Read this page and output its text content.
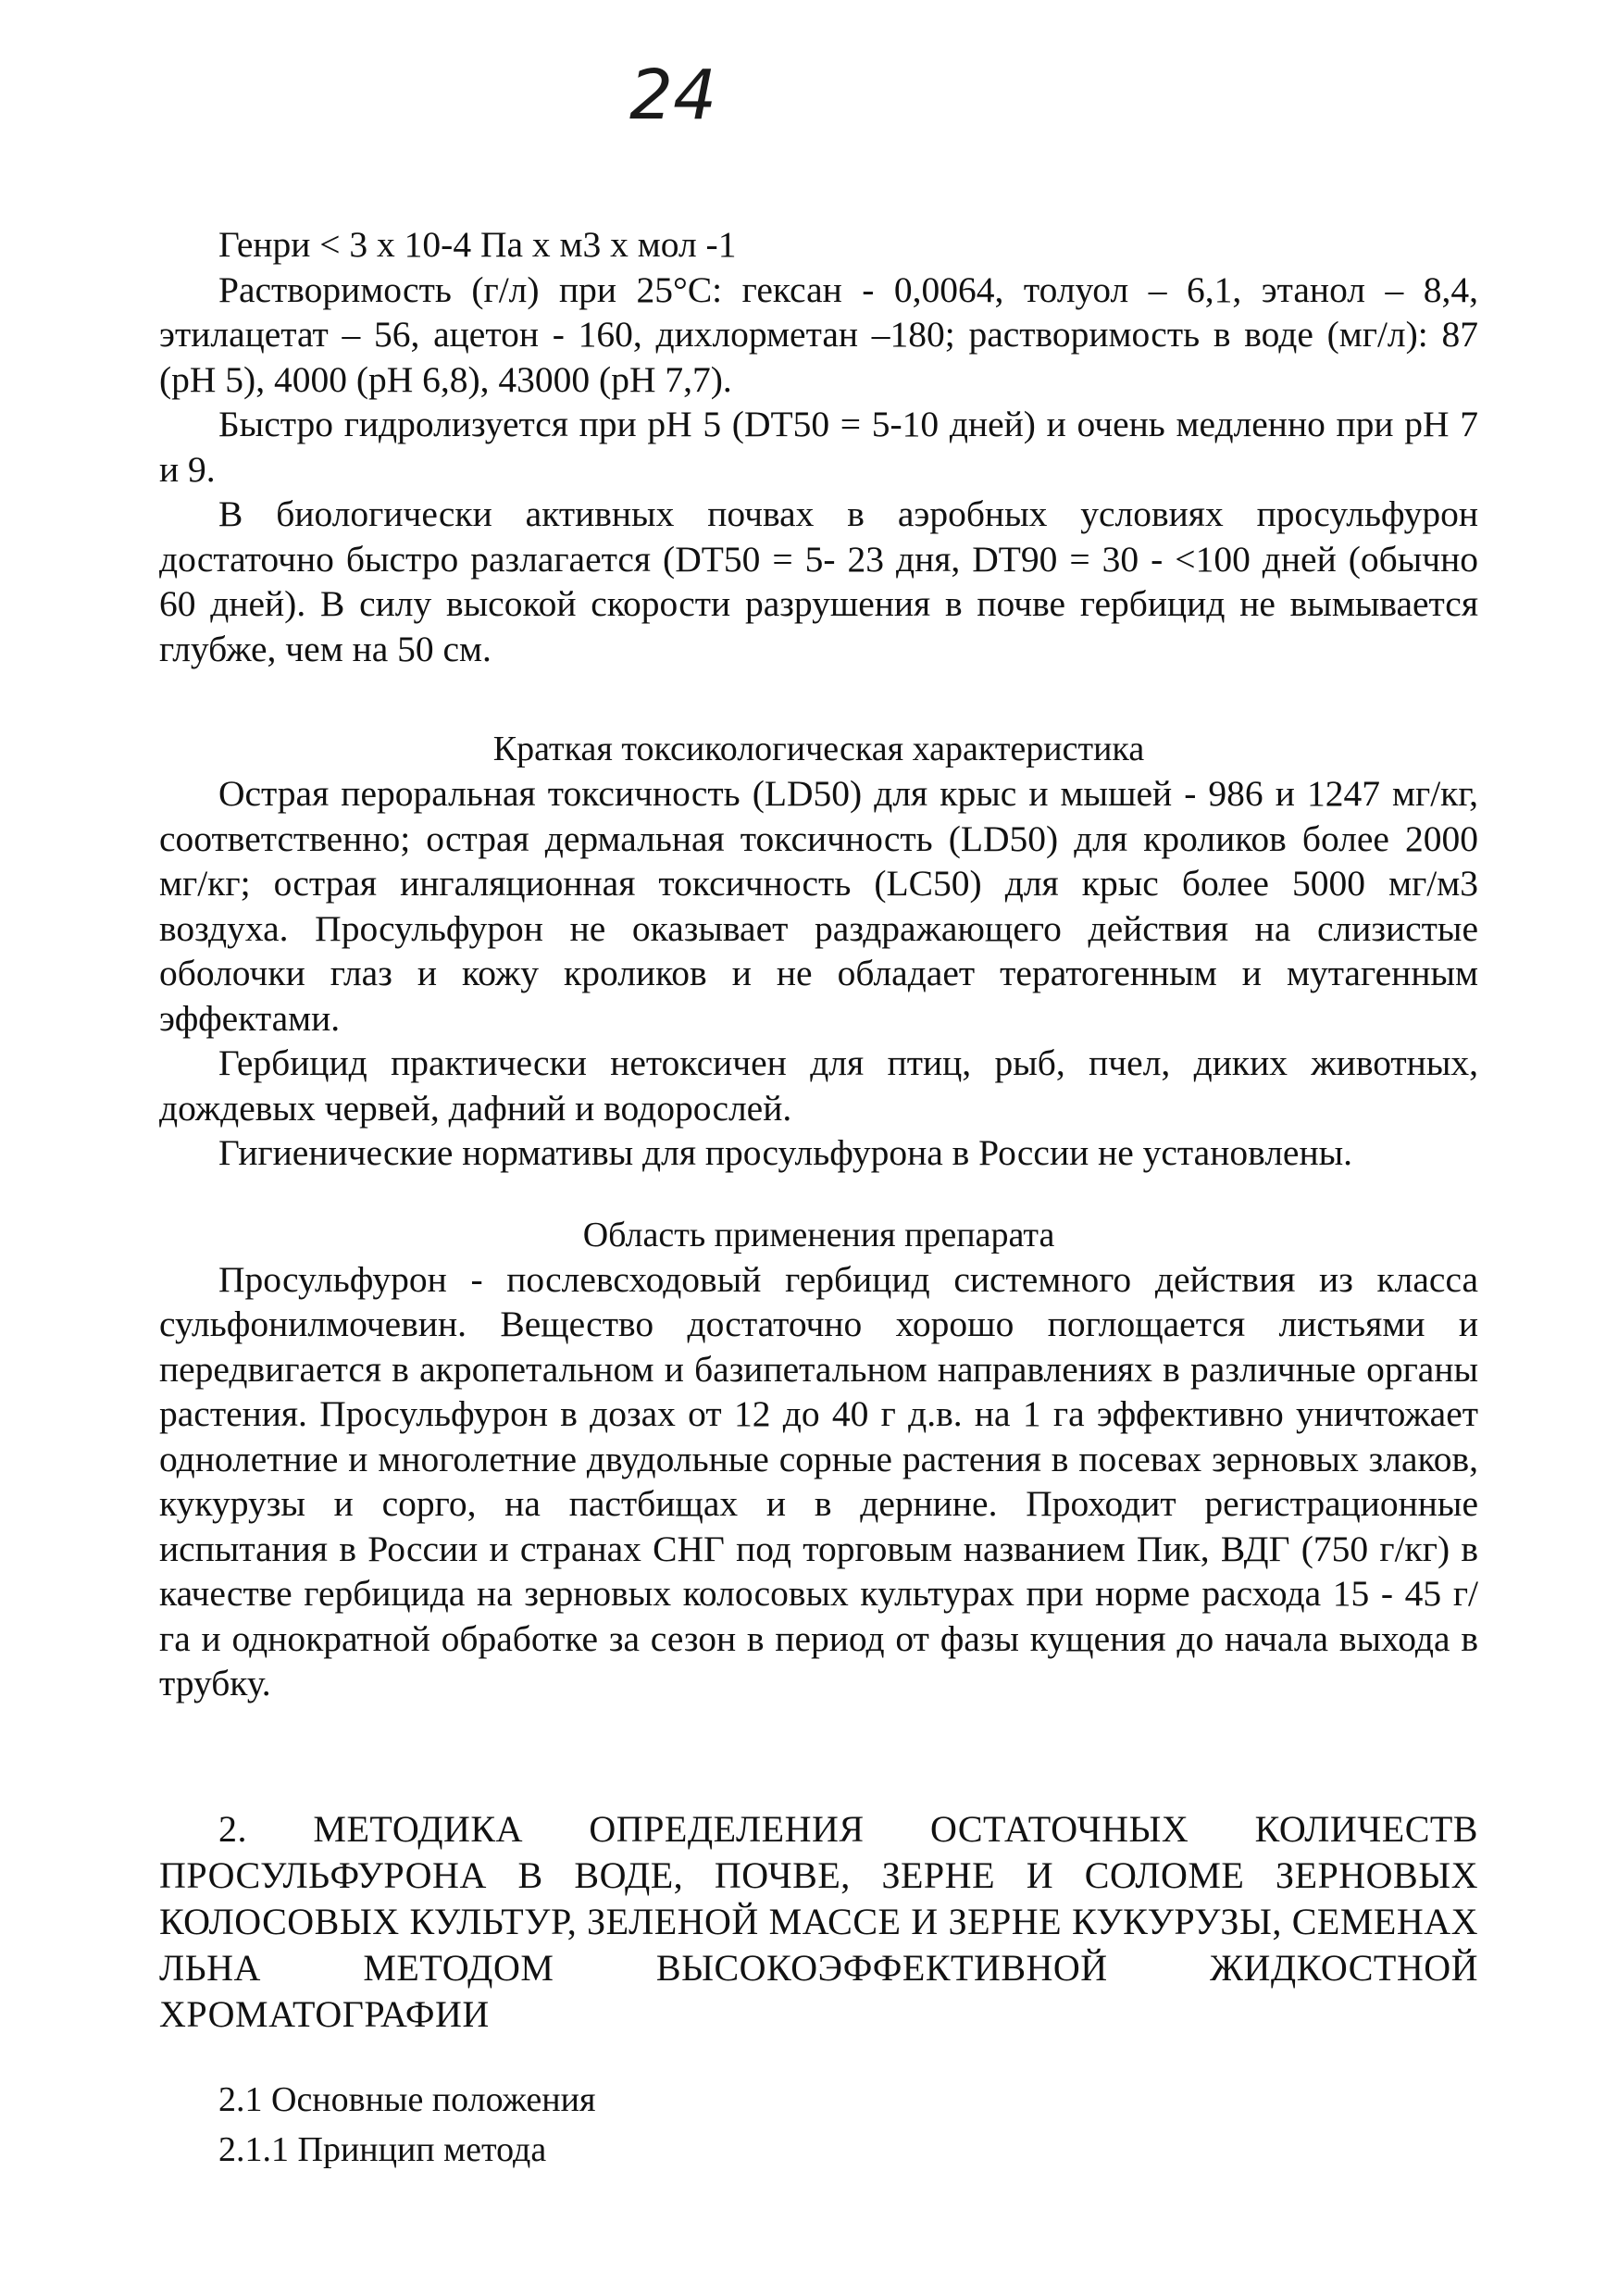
24

Генри < 3 x 10-4 Па x м3 x мол -1

Растворимость (г/л) при 25°С: гексан - 0,0064, толуол – 6,1, этанол – 8,4, этилацетат – 56, ацетон - 160, дихлорметан –180; растворимость в воде (мг/л): 87 (pH 5), 4000 (pH 6,8), 43000 (pH 7,7).

Быстро гидролизуется при рН 5 (DT50 = 5-10 дней) и очень медленно при рН 7 и 9.

В биологически активных почвах в аэробных условиях просульфурон достаточно быстро разлагается (DT50 = 5- 23 дня, DT90 = 30 - <100 дней (обычно 60 дней). В силу высокой скорости разрушения в почве гербицид не вымывается глубже, чем на 50 см.

Краткая токсикологическая характеристика

Острая пероральная токсичность (LD50) для крыс и мышей - 986 и 1247 мг/кг, соответственно; острая дермальная токсичность (LD50) для кроликов более 2000 мг/кг; острая ингаляционная токсичность (LC50) для крыс более 5000 мг/м3 воздуха. Просульфурон не оказывает раздражающего действия на слизистые оболочки глаз и кожу кроликов и не обладает тератогенным и мутагенным эффектами.

Гербицид практически нетоксичен для птиц, рыб, пчел, диких животных, дождевых червей, дафний и водорослей.

Гигиенические нормативы для просульфурона в России не установлены.

Область применения препарата

Просульфурон - послевсходовый гербицид системного действия из класса сульфонилмочевин. Вещество достаточно хорошо поглощается листьями и передвигается в акропетальном и базипетальном направлениях в различные органы растения. Просульфурон в дозах от 12 до 40 г д.в. на 1 га эффективно уничтожает однолетние и многолетние двудольные сорные растения в посевах зерновых злаков, кукурузы и сорго, на пастбищах и в дернине. Проходит регистрационные испытания в России и странах СНГ под торговым названием Пик, ВДГ (750 г/кг) в качестве гербицида на зерновых колосовых культурах при норме расхода 15 - 45 г/га и однократной обработке за сезон в период от фазы кущения до начала выхода в трубку.

2. МЕТОДИКА ОПРЕДЕЛЕНИЯ ОСТАТОЧНЫХ КОЛИЧЕСТВ ПРОСУЛЬФУРОНА В ВОДЕ, ПОЧВЕ, ЗЕРНЕ И СОЛОМЕ ЗЕРНОВЫХ КОЛОСОВЫХ КУЛЬТУР, ЗЕЛЕНОЙ МАССЕ И ЗЕРНЕ КУКУРУЗЫ, СЕМЕНАХ ЛЬНА МЕТОДОМ ВЫСОКОЭФФЕКТИВНОЙ ЖИДКОСТНОЙ ХРОМАТОГРАФИИ

2.1 Основные положения

2.1.1 Принцип метода
